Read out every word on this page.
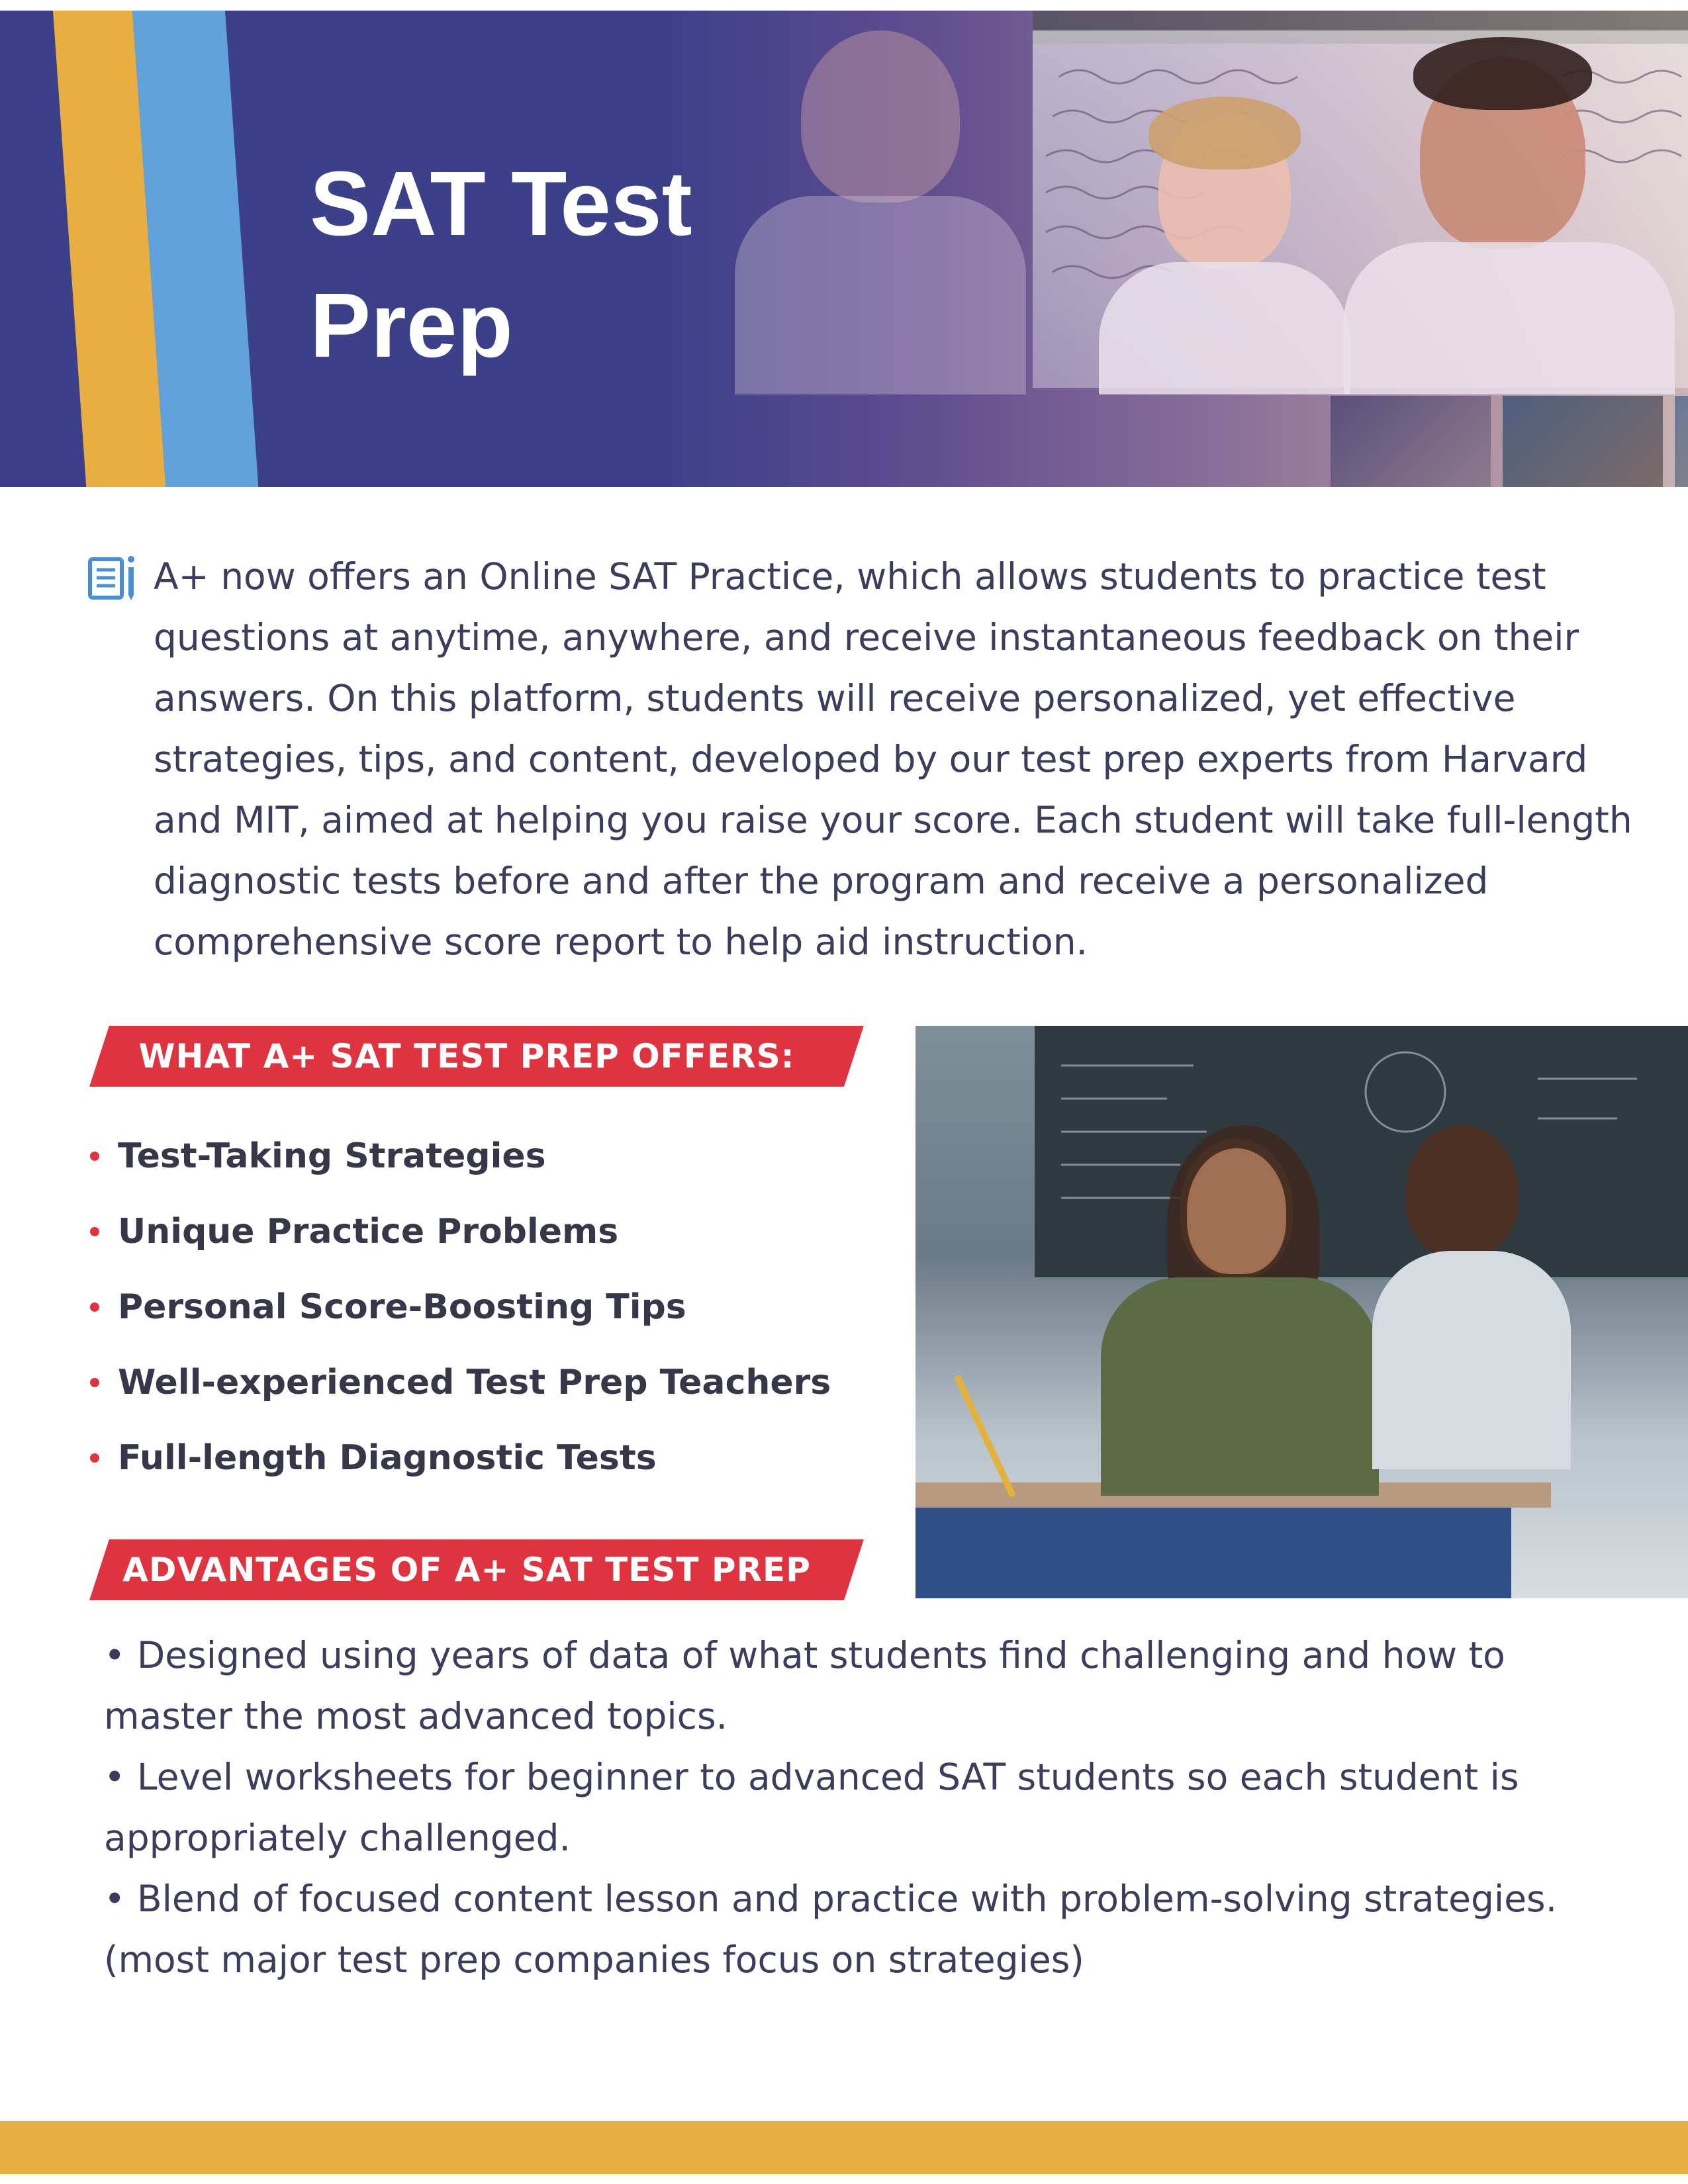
SAT Test
Prep
A+ now offers an Online SAT Practice, which allows students to practice test questions at anytime, anywhere, and receive instantaneous feedback on their answers. On this platform, students will receive personalized, yet effective strategies, tips, and content, developed by our test prep experts from Harvard and MIT, aimed at helping you raise your score. Each student will take full-length diagnostic tests before and after the program and receive a personalized comprehensive score report to help aid instruction.
WHAT A+ SAT TEST PREP OFFERS:
Test-Taking Strategies
Unique Practice Problems
Personal Score-Boosting Tips
Well-experienced Test Prep Teachers
Full-length Diagnostic Tests
ADVANTAGES OF A+ SAT TEST PREP

• Designed using years of data of what students find challenging and how to master the most advanced topics.

• Level worksheets for beginner to advanced SAT students so each student is appropriately challenged.

• Blend of focused content lesson and practice with problem-solving strategies. (most major test prep companies focus on strategies)
